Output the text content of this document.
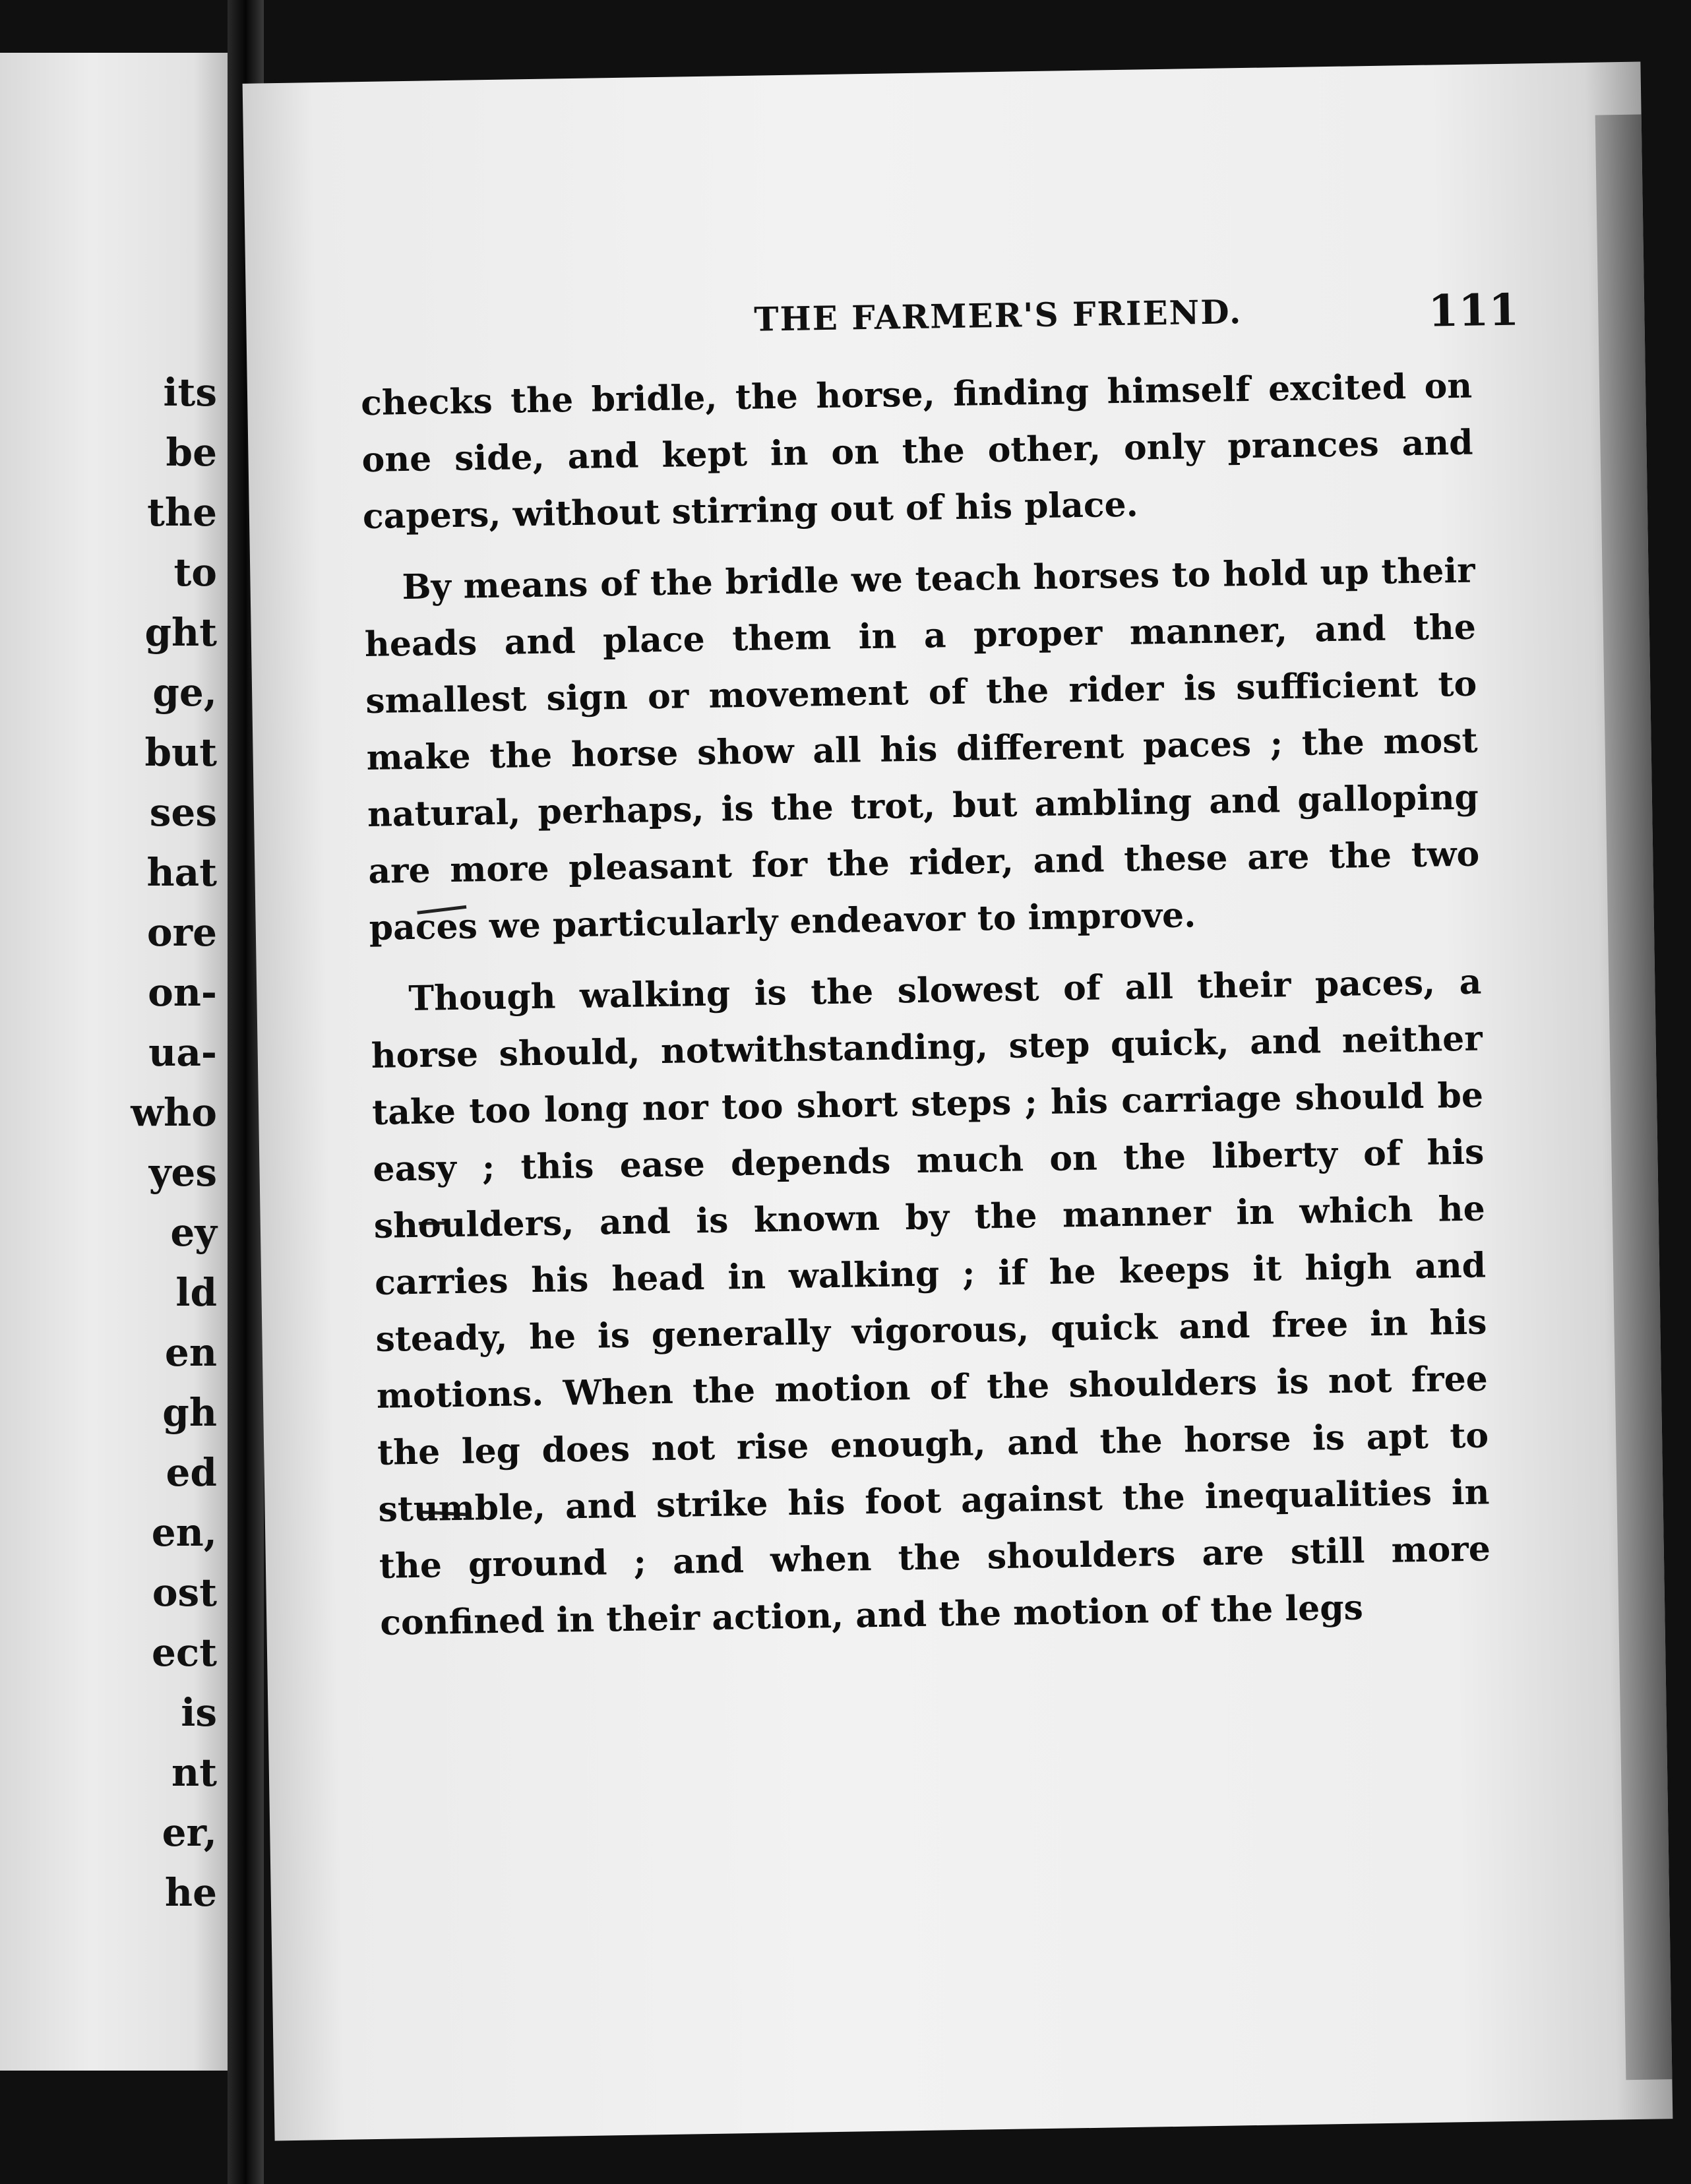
its
be
the
to
ght
ge,
but
ses
hat
ore
on-
ua-
who
yes
ey
ld
en
gh
ed
en,
ost
ect
is
nt
er,
he
THE FARMER'S FRIEND.	111

checks the bridle, the horse, finding himself excited on one side, and kept in on the other, only prances and capers, without stirring out of his place.

By means of the bridle we teach horses to hold up their heads and place them in a proper manner, and the smallest sign or movement of the rider is sufficient to make the horse show all his different paces ; the most natural, perhaps, is the trot, but ambling and galloping are more pleasant for the rider, and these are the two paces we particularly endeavor to improve.

Though walking is the slowest of all their paces, a horse should, notwithstanding, step quick, and neither take too long nor too short steps ; his carriage should be easy ; this ease depends much on the liberty of his shoulders, and is known by the manner in which he carries his head in walking ; if he keeps it high and steady, he is generally vigorous, quick and free in his motions. When the motion of the shoulders is not free the leg does not rise enough, and the horse is apt to stumble, and strike his foot against the inequalities in the ground ; and when the shoulders are still more confined in their action, and the motion of the legs
